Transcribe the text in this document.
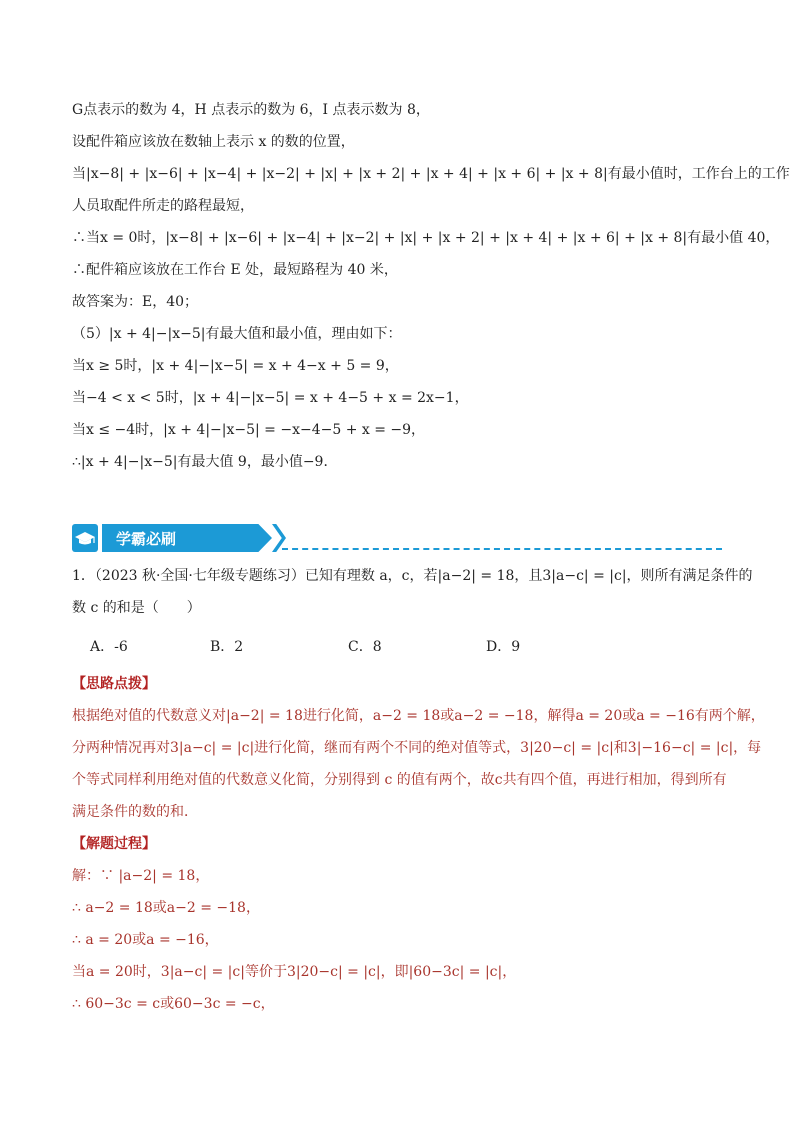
G点表示的数为 4，H 点表示的数为 6，I 点表示数为 8，
设配件箱应该放在数轴上表示 x 的数的位置，
当|x−8| + |x−6| + |x−4| + |x−2| + |x| + |x + 2| + |x + 4| + |x + 6| + |x + 8|有最小值时，工作台上的工作
人员取配件所走的路程最短，
∴当x = 0时，|x−8| + |x−6| + |x−4| + |x−2| + |x| + |x + 2| + |x + 4| + |x + 6| + |x + 8|有最小值 40，
∴配件箱应该放在工作台 E 处，最短路程为 40 米，
故答案为：E，40；
（5）|x + 4|−|x−5|有最大值和最小值，理由如下：
当x ≥ 5时，|x + 4|−|x−5| = x + 4−x + 5 = 9，
当−4 < x < 5时，|x + 4|−|x−5| = x + 4−5 + x = 2x−1，
当x ≤ −4时，|x + 4|−|x−5| = −x−4−5 + x = −9，
∴|x + 4|−|x−5|有最大值 9，最小值−9．
学霸必刷
1．（2023 秋·全国·七年级专题练习）已知有理数 a，c，若|a−2| = 18，且3|a−c| = |c|，则所有满足条件的
数 c 的和是（　　）
A．-6	B．2	C．8	D．9
【思路点拨】
根据绝对值的代数意义对|a−2| = 18进行化简，a−2 = 18或a−2 = −18，解得a = 20或a = −16有两个解，
分两种情况再对3|a−c| = |c|进行化简，继而有两个不同的绝对值等式，3|20−c| = |c|和3|−16−c| = |c|，每
个等式同样利用绝对值的代数意义化简，分别得到 c 的值有两个，故c共有四个值，再进行相加，得到所有
满足条件的数的和．
【解题过程】
解：∵ |a−2| = 18，
∴ a−2 = 18或a−2 = −18，
∴ a = 20或a = −16，
当a = 20时，3|a−c| = |c|等价于3|20−c| = |c|，即|60−3c| = |c|，
∴ 60−3c = c或60−3c = −c，
